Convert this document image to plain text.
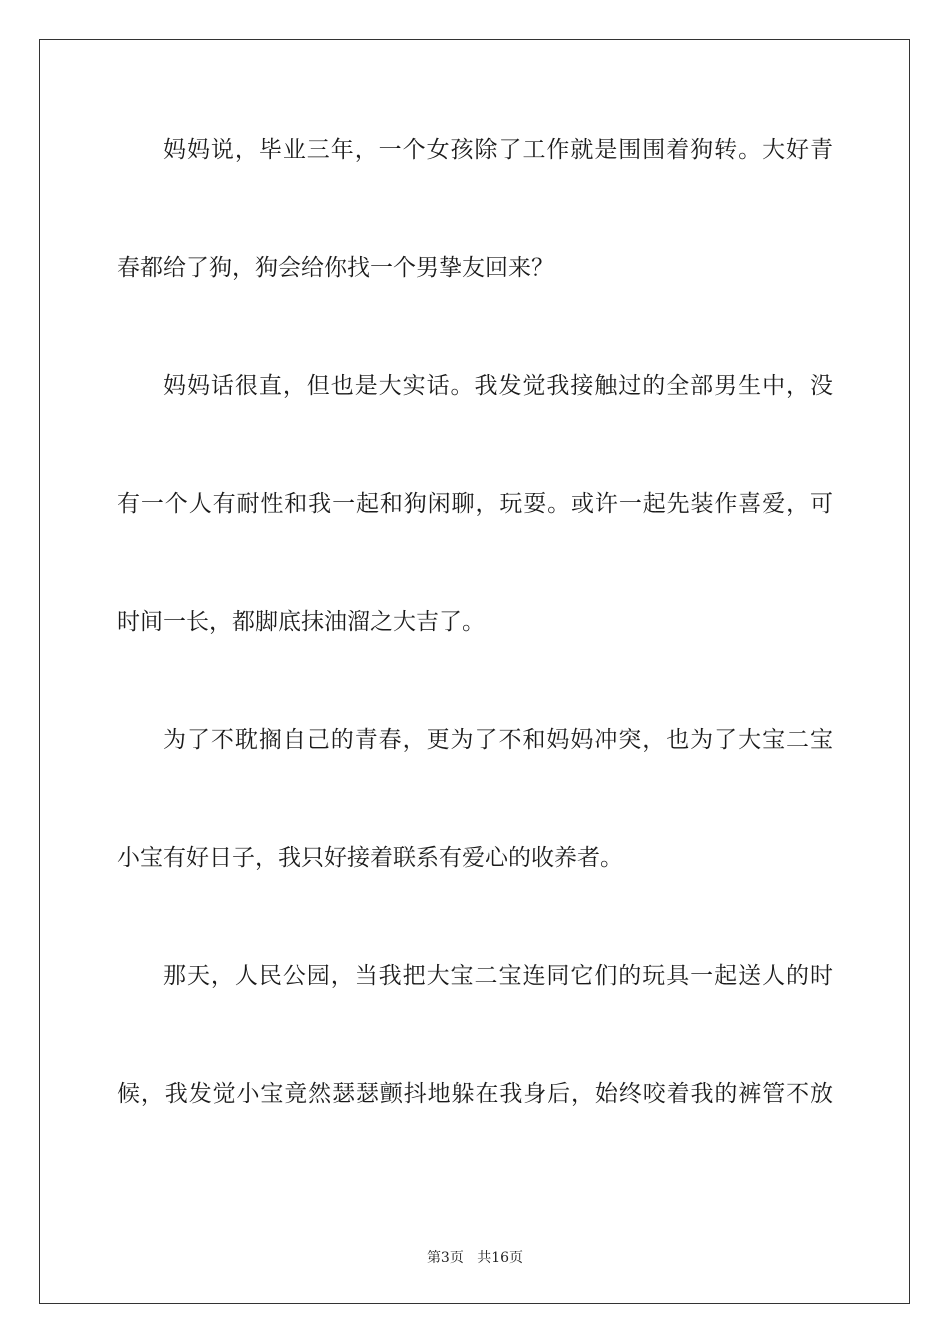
妈妈说，毕业三年，一个女孩除了工作就是围围着狗转。大好青
春都给了狗，狗会给你找一个男挚友回来？
妈妈话很直，但也是大实话。我发觉我接触过的全部男生中，没
有一个人有耐性和我一起和狗闲聊，玩耍。或许一起先装作喜爱，可
时间一长，都脚底抹油溜之大吉了。
为了不耽搁自己的青春，更为了不和妈妈冲突，也为了大宝二宝
小宝有好日子，我只好接着联系有爱心的收养者。
那天，人民公园，当我把大宝二宝连同它们的玩具一起送人的时
候，我发觉小宝竟然瑟瑟颤抖地躲在我身后，始终咬着我的裤管不放
第3页 共16页
